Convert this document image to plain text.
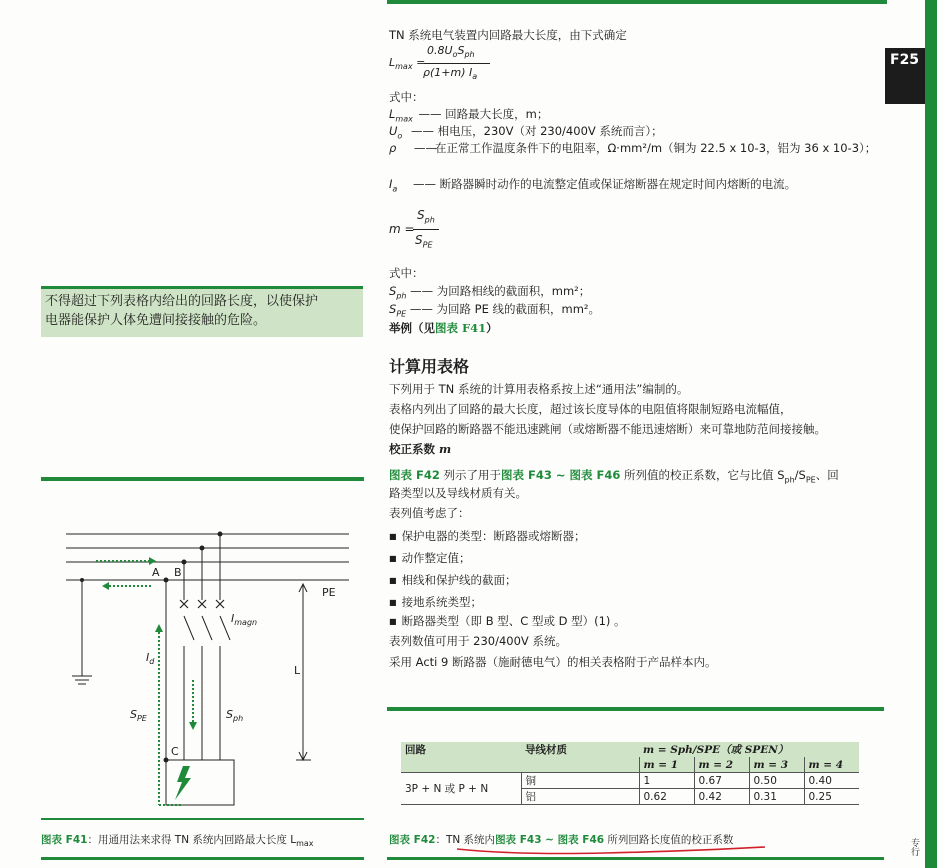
F25
TN 系统电气装置内回路最大长度，由下式确定
$L_{max}$ =
$0.8U_oS_{ph}$
ρ(1+m) $I_a$
式中：
$L_{max}$ —— 回路最大长度，m；
$U_o$ —— 相电压，230V（对 230/400V 系统而言）；
ρ ——
在正常工作温度条件下的电阻率，Ω·mm²/m（铜为 22.5 x 10-3，铝为 36 x 10-3）；
$I_a$ —— 断路器瞬时动作的电流整定值或保证熔断器在规定时间内熔断的电流。
m =
$S_{ph}$
$S_{PE}$
式中：
$S_{ph}$ —— 为回路相线的截面积，mm²；
$S_{PE}$ —— 为回路 PE 线的截面积，mm²。
举例（见图表 F41）
不得超过下列表格内给出的回路长度，以使保护
电器能保护人体免遭间接接触的危险。
计算用表格
下列用于 TN 系统的计算用表格系按上述“通用法”编制的。
表格内列出了回路的最大长度，超过该长度导体的电阻值将限制短路电流幅值，
使保护回路的断路器不能迅速跳闸（或熔断器不能迅速熔断）来可靠地防范间接接触。
校正系数 m
图表 F42 列示了用于图表 F43 ~ 图表 F46 所列值的校正系数，它与比值 $S_{ph}/S_{PE}$、回
路类型以及导线材质有关。
表列值考虑了：
■ 保护电器的类型：断路器或熔断器；
■ 动作整定值；
■ 相线和保护线的截面；
■ 接地系统类型；
■ 断路器类型（即 B 型、C 型或 D 型）(1) 。
表列数值可用于 230/400V 系统。
采用 Acti 9 断路器（施耐德电气）的相关表格附于产品样本内。
回路	导线材质	m = Sph/SPE（或 SPEN）			
		m = 1	m = 2	m = 3	m = 4
3P + N 或 P + N	铜	1	0.67	0.50	0.40
	铝	0.62	0.42	0.31	0.25
图表 F42：TN 系统内图表 F43 ~ 图表 F46 所列回路长度值的校正系数
A B
PE
L
C
$I_d$
$I_{magn}$
$S_{PE}$	$S_{ph}$
图表 F41：用通用法来求得 TN 系统内回路最大长度 $L_{max}$	专行
